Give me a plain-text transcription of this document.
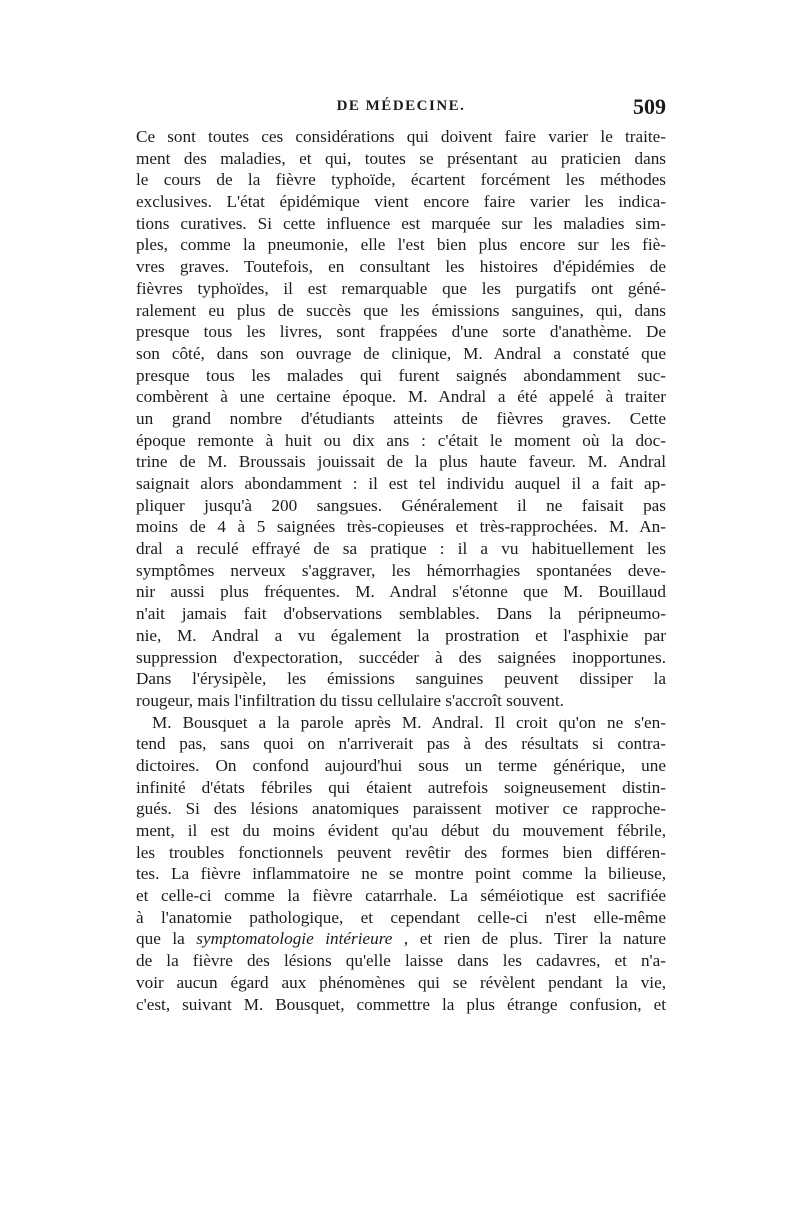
DE MÉDECINE.	509
Ce sont toutes ces considérations qui doivent faire varier le traite-
ment des maladies, et qui, toutes se présentant au praticien dans
le cours de la fièvre typhoïde, écartent forcément les méthodes
exclusives. L'état épidémique vient encore faire varier les indica-
tions curatives. Si cette influence est marquée sur les maladies sim-
ples, comme la pneumonie, elle l'est bien plus encore sur les fiè-
vres graves. Toutefois, en consultant les histoires d'épidémies de
fièvres typhoïdes, il est remarquable que les purgatifs ont géné-
ralement eu plus de succès que les émissions sanguines, qui, dans
presque tous les livres, sont frappées d'une sorte d'anathème. De
son côté, dans son ouvrage de clinique, M. Andral a constaté que
presque tous les malades qui furent saignés abondamment suc-
combèrent à une certaine époque. M. Andral a été appelé à traiter
un grand nombre d'étudiants atteints de fièvres graves. Cette
époque remonte à huit ou dix ans : c'était le moment où la doc-
trine de M. Broussais jouissait de la plus haute faveur. M. Andral
saignait alors abondamment : il est tel individu auquel il a fait ap-
pliquer jusqu'à 200 sangsues. Généralement il ne faisait pas
moins de 4 à 5 saignées très-copieuses et très-rapprochées. M. An-
dral a reculé effrayé de sa pratique : il a vu habituellement les
symptômes nerveux s'aggraver, les hémorrhagies spontanées deve-
nir aussi plus fréquentes. M. Andral s'étonne que M. Bouillaud
n'ait jamais fait d'observations semblables. Dans la péripneumo-
nie, M. Andral a vu également la prostration et l'asphixie par
suppression d'expectoration, succéder à des saignées inopportunes.
Dans l'érysipèle, les émissions sanguines peuvent dissiper la
rougeur, mais l'infiltration du tissu cellulaire s'accroît souvent.
M. Bousquet a la parole après M. Andral. Il croit qu'on ne s'en-
tend pas, sans quoi on n'arriverait pas à des résultats si contra-
dictoires. On confond aujourd'hui sous un terme générique, une
infinité d'états fébriles qui étaient autrefois soigneusement distin-
gués. Si des lésions anatomiques paraissent motiver ce rapproche-
ment, il est du moins évident qu'au début du mouvement fébrile,
les troubles fonctionnels peuvent revêtir des formes bien différen-
tes. La fièvre inflammatoire ne se montre point comme la bilieuse,
et celle-ci comme la fièvre catarrhale. La séméiotique est sacrifiée
à l'anatomie pathologique, et cependant celle-ci n'est elle-même
que la symptomatologie intérieure , et rien de plus. Tirer la nature
de la fièvre des lésions qu'elle laisse dans les cadavres, et n'a-
voir aucun égard aux phénomènes qui se révèlent pendant la vie,
c'est, suivant M. Bousquet, commettre la plus étrange confusion, et
